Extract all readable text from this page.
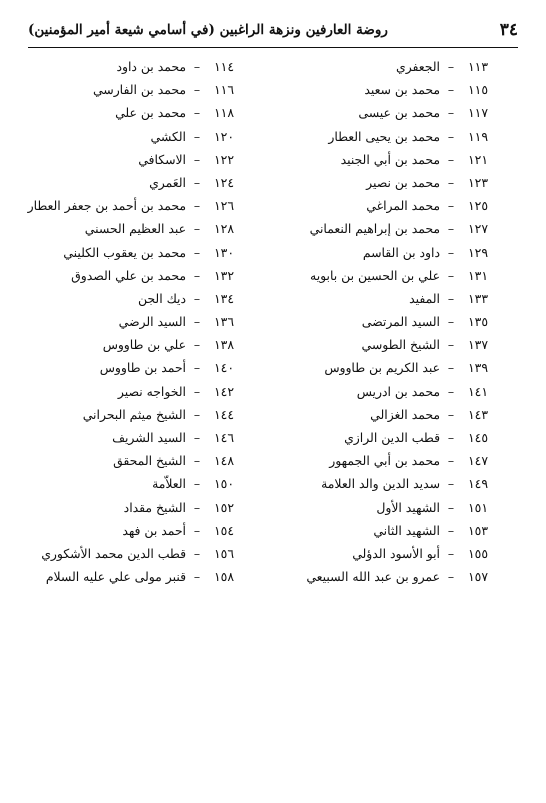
٣٤
روضة العارفين ونزهة الراغبين (في أسامي شيعة أمير المؤمنين)
١١٣
–
الجعفري
١١٥
–
محمد بن سعيد
١١٧
–
محمد بن عيسى
١١٩
–
محمد بن يحيى العطار
١٢١
–
محمد بن أبي الجنيد
١٢٣
–
محمد بن نصير
١٢٥
–
محمد المراغي
١٢٧
–
محمد بن إبراهيم النعماني
١٢٩
–
داود بن القاسم
١٣١
–
علي بن الحسين بن بابويه
١٣٣
–
المفيد
١٣٥
–
السيد المرتضى
١٣٧
–
الشيخ الطوسي
١٣٩
–
عبد الكريم بن طاووس
١٤١
–
محمد بن ادريس
١٤٣
–
محمد الغزالي
١٤٥
–
قطب الدين الرازي
١٤٧
–
محمد بن أبي الجمهور
١٤٩
–
سديد الدين والد العلامة
١٥١
–
الشهيد الأول
١٥٣
–
الشهيد الثاني
١٥٥
–
أبو الأسود الدؤلي
١٥٧
–
عمرو بن عبد الله السبيعي
١١٤
–
محمد بن داود
١١٦
–
محمد بن الفارسي
١١٨
–
محمد بن علي
١٢٠
–
الكشي
١٢٢
–
الاسكافي
١٢٤
–
العَمري
١٢٦
–
محمد بن أحمد بن جعفر العطار
١٢٨
–
عبد العظيم الحسني
١٣٠
–
محمد بن يعقوب الكليني
١٣٢
–
محمد بن علي الصدوق
١٣٤
–
ديك الجن
١٣٦
–
السيد الرضي
١٣٨
–
علي بن طاووس
١٤٠
–
أحمد بن طاووس
١٤٢
–
الخواجه نصير
١٤٤
–
الشيخ ميثم البحراني
١٤٦
–
السيد الشريف
١٤٨
–
الشيخ المحقق
١٥٠
–
العلاّمة
١٥٢
–
الشيخ مقداد
١٥٤
–
أحمد بن فهد
١٥٦
–
قطب الدين محمد الأشكوري
١٥٨
–
قنبر مولى علي عليه السلام
